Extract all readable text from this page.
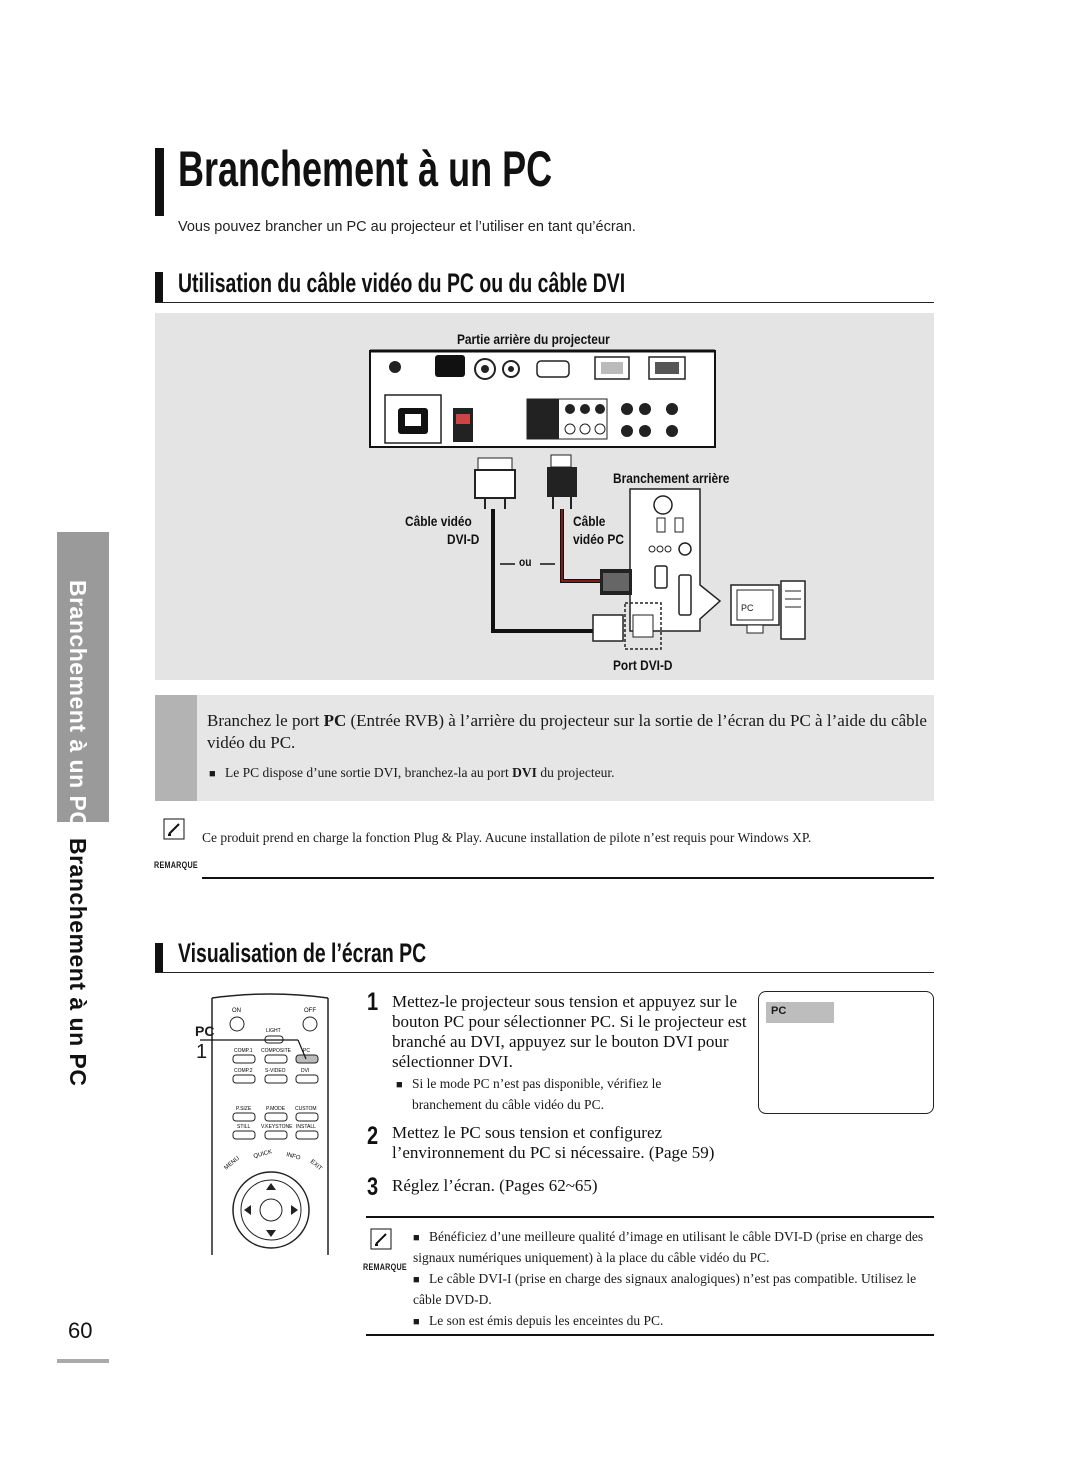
Branchement à un PC
Vous pouvez brancher un PC au projecteur et l’utiliser en tant qu’écran.
Utilisation du câble vidéo du PC ou du câble DVI
Partie arrière du projecteur
Branchement arrière
Câble vidéo
DVI-D
Câble
vidéo PC
ou
PC
Port DVI-D
Branchement à un PC
Branchement à un PC
Branchez le port PC (Entrée RVB) à l’arrière du projecteur sur la sortie de l’écran du PC à l’aide du câble vidéo du PC.
■ Le PC dispose d’une sortie DVI, branchez-la au port DVI du projecteur.
REMARQUE
Ce produit prend en charge la fonction Plug & Play. Aucune installation de pilote n’est requis pour Windows XP.
Visualisation de l’écran PC
PC
1
ON	OFF
LIGHT
COMP.1 COMPOSITE PC
COMP.2 S-VIDEO	DVI
P.SIZE	P.MODE CUSTOM
STILL V.KEYSTONE INSTALL
MENU
QUICK INFO
EXIT
1 Mettez-le projecteur sous tension et appuyez sur le bouton PC pour sélectionner PC. Si le projecteur est branché au DVI, appuyez sur le bouton DVI pour sélectionner DVI.
■ Si le mode PC n’est pas disponible, vérifiez le
branchement du câble vidéo du PC.
2 Mettez le PC sous tension et configurez
l’environnement du PC si nécessaire. (Page 59)
3 Réglez l’écran. (Pages 62~65)
PC
REMARQUE
■ Bénéficiez d’une meilleure qualité d’image en utilisant le câble DVI-D (prise en charge des signaux numériques uniquement) à la place du câble vidéo du PC.
■ Le câble DVI-I (prise en charge des signaux analogiques) n’est pas compatible. Utilisez le câble DVD-D.
■ Le son est émis depuis les enceintes du PC.
60
